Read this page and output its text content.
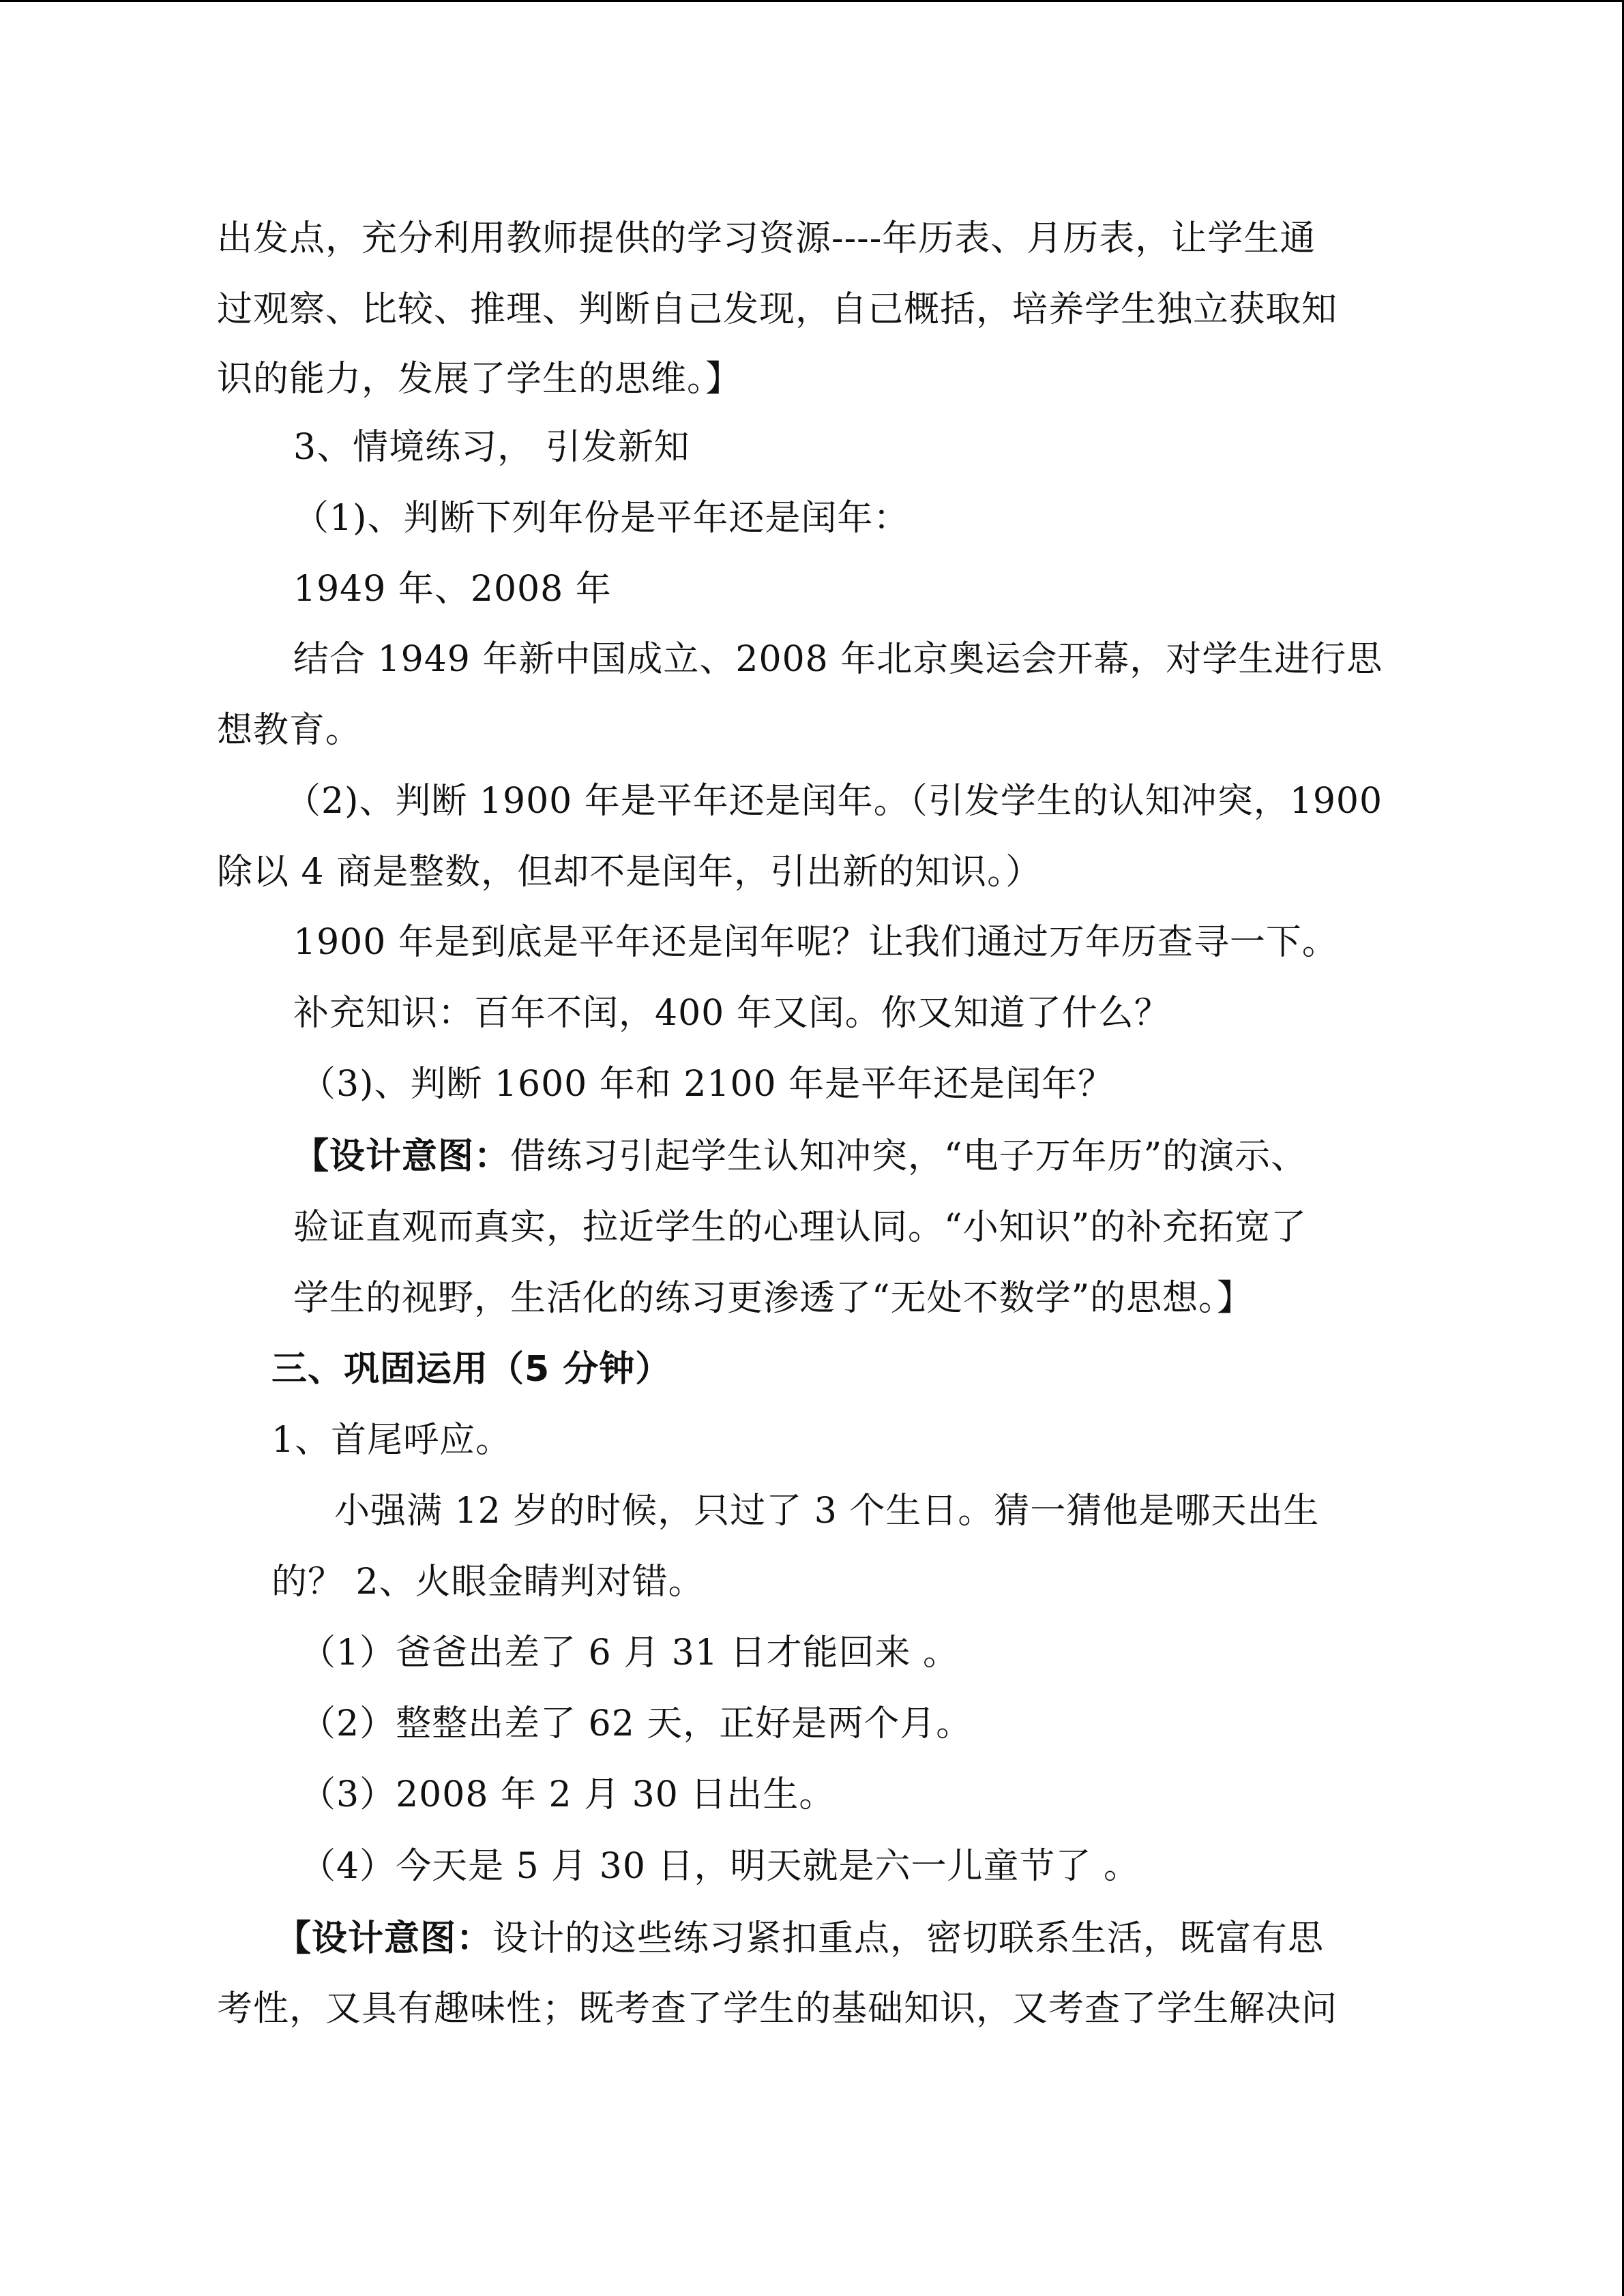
出发点，充分利用教师提供的学习资源----年历表、月历表，让学生通
过观察、比较、推理、判断自己发现，自己概括，培养学生独立获取知
识的能力，发展了学生的思维。】
3、情境练习， 引发新知
（1)、判断下列年份是平年还是闰年：
1949 年、2008 年
结合 1949 年新中国成立、2008 年北京奥运会开幕，对学生进行思
想教育。
（2)、判断 1900 年是平年还是闰年。（引发学生的认知冲突，1900
除以 4 商是整数，但却不是闰年，引出新的知识。）
1900 年是到底是平年还是闰年呢？让我们通过万年历查寻一下。
补充知识：百年不闰，400 年又闰。你又知道了什么？
（3)、判断 1600 年和 2100 年是平年还是闰年？
【设计意图：借练习引起学生认知冲突，“电子万年历”的演示、
验证直观而真实，拉近学生的心理认同。“小知识”的补充拓宽了
学生的视野，生活化的练习更渗透了“无处不数学”的思想。】
三、巩固运用（5 分钟）
1、首尾呼应。
小强满 12 岁的时候，只过了 3 个生日。猜一猜他是哪天出生
的？ 2、火眼金睛判对错。
（1）爸爸出差了 6 月 31 日才能回来 。
（2）整整出差了 62 天，正好是两个月。
（3）2008 年 2 月 30 日出生。
（4）今天是 5 月 30 日，明天就是六一儿童节了 。
【设计意图：设计的这些练习紧扣重点，密切联系生活，既富有思
考性，又具有趣味性；既考查了学生的基础知识，又考查了学生解决问
